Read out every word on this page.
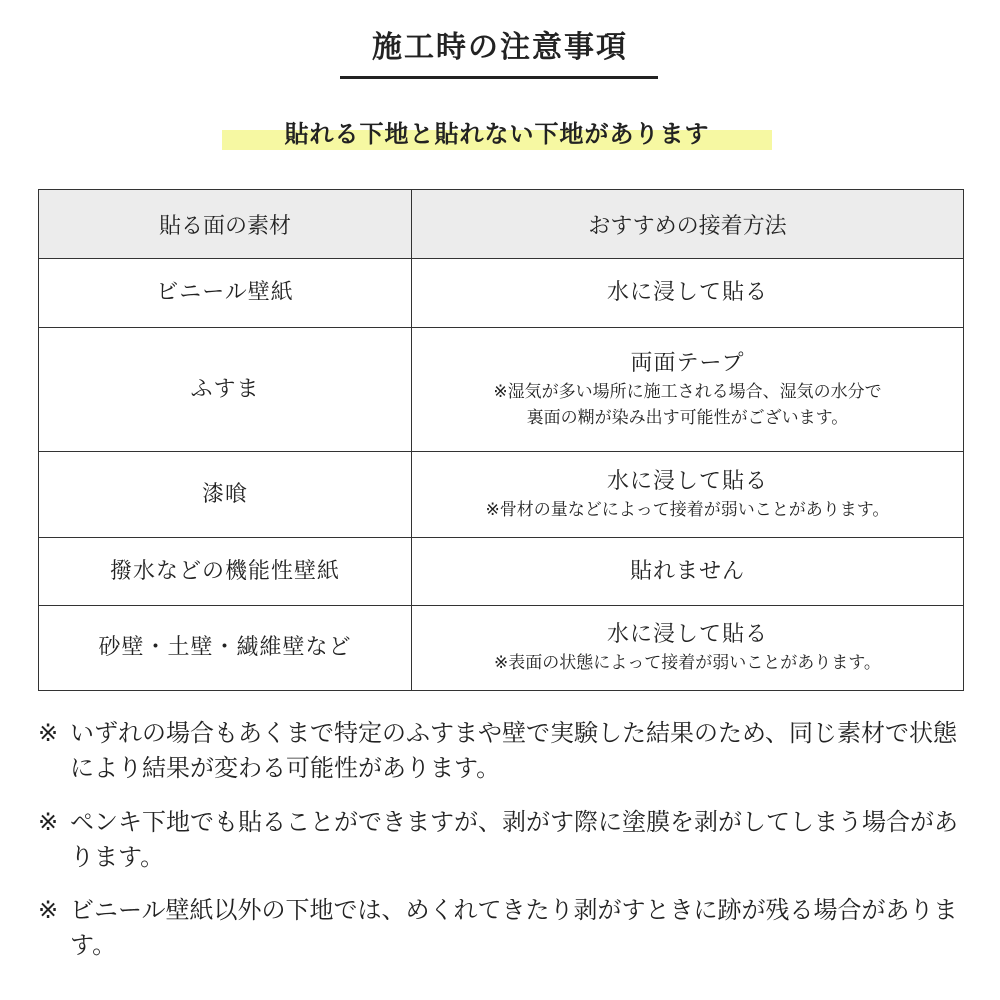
施工時の注意事項
貼れる下地と貼れない下地があります
貼る面の素材	おすすめの接着方法

ビニール壁紙	水に浸して貼る

ふすま	両面テープ
※湿気が多い場所に施工される場合、湿気の水分で
裏面の糊が染み出す可能性がございます。

漆喰	水に浸して貼る
※骨材の量などによって接着が弱いことがあります。

撥水などの機能性壁紙	貼れません

砂壁・土壁・繊維壁など	水に浸して貼る
※表面の状態によって接着が弱いことがあります。
※ いずれの場合もあくまで特定のふすまや壁で実験した結果のため、同じ素材で状態により結果が変わる可能性があります。
※ ペンキ下地でも貼ることができますが、剥がす際に塗膜を剥がしてしまう場合があります。
※ ビニール壁紙以外の下地では、めくれてきたり剥がすときに跡が残る場合があります。
